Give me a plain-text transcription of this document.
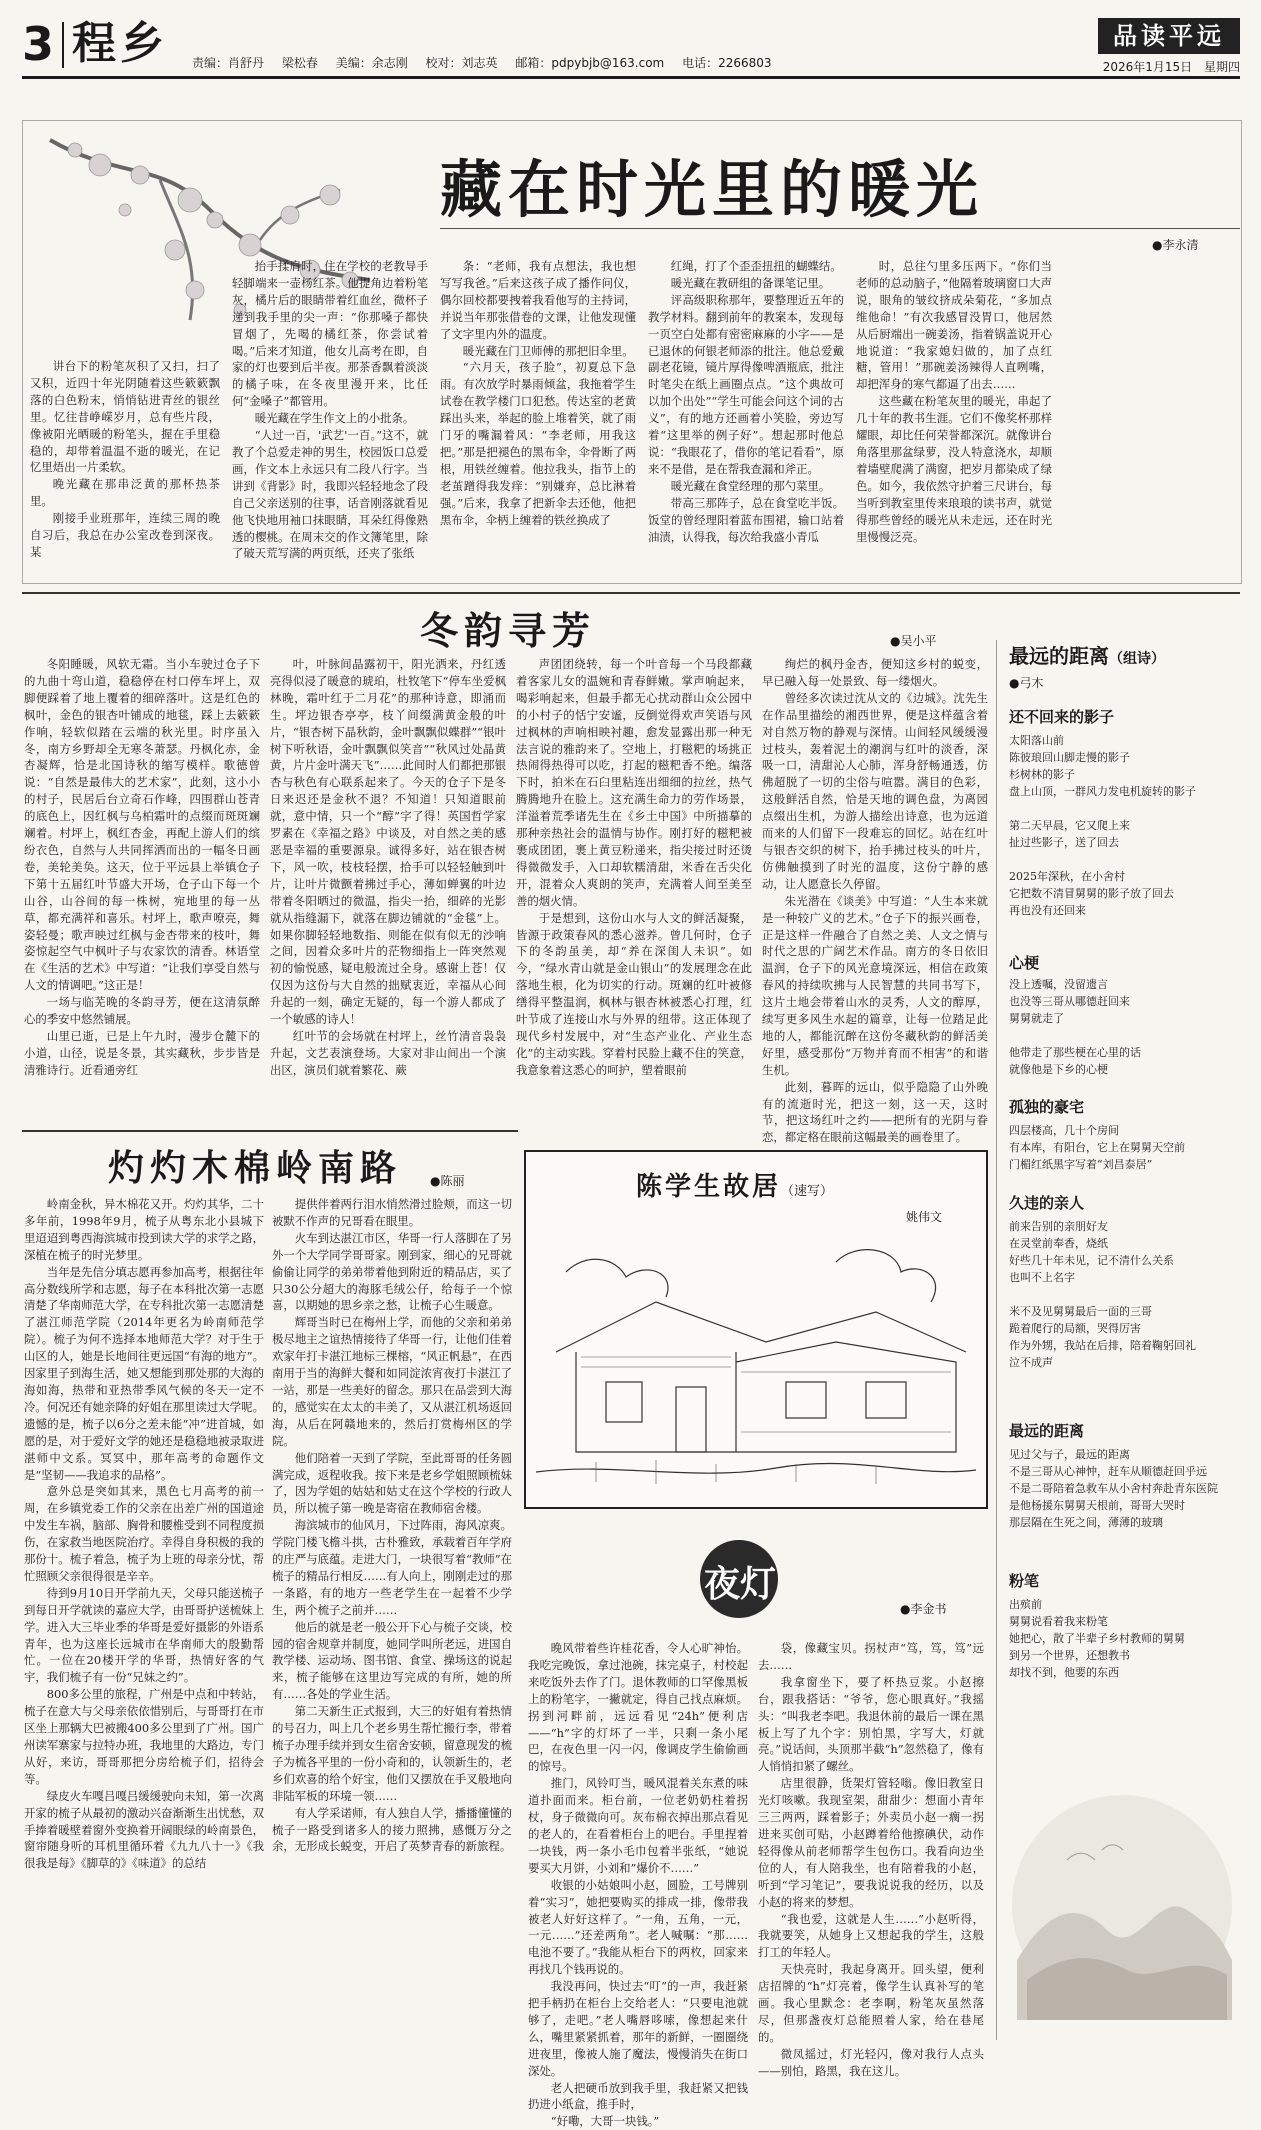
3 程乡 责编：肖舒丹 梁松春 美编：余志刚 校对：刘志英 邮箱：pdpybjb@163.com 电话：2266803
品读平远
2026年1月15日 星期四
藏在时光里的暖光
●李永清

讲台下的粉笔灰积了又扫，扫了又积，近四十年光阴随着这些簌簌飘落的白色粉末，悄悄钻进青丝的银丝里。忆往昔峥嵘岁月，总有些片段，像被阳光晒暖的粉笔头，握在手里稳稳的，却带着温温不逝的暖光，在记忆里焐出一片柔软。

晚光藏在那串泛黄的那杯热茶里。

刚接手业班那年，连续三周的晚自习后，我总在办公室改卷到深夜。某

抬手揉肩时，住在学校的老教导手轻脚端来一壶杨红茶。他提角边着粉笔灰，橘片后的眼睛带着红血丝，微杯子递到我手里的尖一声：“你那嗓子都快冒烟了，先喝的橘红茶，你尝试着喝。”后来才知道，他女儿高考在即，自家的灯也要到后半夜。那茶香飘着淡淡的橘子味，在冬夜里漫开来，比任何“金嗓子”都管用。

暖光藏在学生作文上的小批条。

“人过一百，'武艺'一百。”这不，就教了个总爱走神的男生，校园饭口总爱画，作文本上永远只有二段八行字。当讲到《背影》时，我即兴轻轻地念了段自己父亲送别的往事，话音刚落就看见他飞快地用袖口抹眼睛，耳朵红得像熟透的樱桃。在周末交的作文簿笔里，除了破天荒写满的两页纸，还夹了张纸

条：“老师，我有点想法，我也想写写我爸。”后来这孩子成了播作问仪，偶尔回校都要拽着我看他写的主持词，并说当年那张借卷的文课，让他发现懂了文字里内外的温度。

暖光藏在门卫师傅的那把旧伞里。

“六月天，孩子脸”，初夏总下急雨。有次放学时暴雨倾盆，我拖着学生试卷在教学楼门口犯愁。传达室的老黄踩出头来，举起的脸上堆着笑，就了雨门牙的嘴漏着风：“李老师，用我这把。”那是把褪色的黑布伞，伞骨断了两根，用铁丝缠着。他拉我头，指节上的老茧蹭得我发痒：“别嫌弃，总比淋着强。”后来，我拿了把新伞去还他，他把黑布伞，伞柄上缠着的铁丝换成了

红绳，打了个歪歪扭扭的蝴蝶结。

暖光藏在教研组的备课笔记里。

评高级职称那年，要整理近五年的教学材料。翻到前年的教案本，发现每一页空白处都有密密麻麻的小字——是已退休的何银老师添的批注。他总爱戴副老花镜，镜片厚得像啤酒瓶底，批注时笔尖在纸上画圈点点。“这个典故可以加个出处”“学生可能会问这个词的古义”，有的地方还画着小笑脸，旁边写着“这里举的例子好”。想起那时他总说：“我眼花了，借你的笔记看看”，原来不是借，是在帮我查漏和斧正。

暖光藏在食堂经理的那勺菜里。

带高三那阵子，总在食堂吃半饭。饭堂的曾经理阳着蓝布围裙，输口站着油渍，认得我，每次给我盛小青瓜

时，总往勺里多压两下。“你们当老师的总动脑子，”他隔着玻璃窗口大声说，眼角的皱纹挤成朵菊花，“多加点维他命！”有次我感冒没胃口，他居然从后厨端出一碗姜汤，指着锅盖说开心地说道：“我家媳妇做的，加了点红糖，管用！”那碗姜汤辣得人直咧嘴，却把浑身的寒气都逼了出去……

这些藏在粉笔灰里的暖光，串起了几十年的教书生涯。它们不像奖杯那样耀眼，却比任何荣誉都深沉。就像讲台角落里那盆绿萝，没人特意浇水，却顺着墙壁爬满了满窗，把岁月都染成了绿色。如今，我依然守护着三尺讲台，每当听到教室里传来琅琅的读书声，就觉得那些曾经的暖光从未走远，还在时光里慢慢泛亮。

冬韵寻芳	●吴小平

冬阳睡暖，风软无霜。当小车驶过仓子下的九曲十弯山道，稳稳停在村口停车坪上，双脚便踩着了地上覆着的细碎落叶。这是红色的枫叶，金色的银杏叶铺成的地毯，踩上去簌簌作响，轻软似踏在云端的秋光里。时序虽入冬，南方乡野却全无寒冬萧瑟。丹枫化赤，金杏凝辉，恰是北国诗秋的缩写模样。歌德曾说：“自然是最伟大的艺术家”，此刻，这小小的村子，民居后台立奇石作峰，四围群山苍青的底色上，因红枫与乌柏霜叶的点缀而斑斑斓斓着。村坪上，枫红杏金，再配上游人们的缤纷衣色，自然与人共同挥洒而出的一幅冬日画卷，美轮美奂。这天，位于平远县上举镇仓子下第十五届红叶节盛大开场，仓子山下每一个山谷，山谷间的每一株树，宛地里的每一丛草，都充满祥和喜乐。村坪上，歌声嘹亮，舞姿轻曼；歌声映过红枫与金杏带来的枝叶，舞姿惊起空气中枫叶子与农家饮的清香。林语堂在《生活的艺术》中写道：“让我们享受自然与人文的情调吧。”这正是！

一场与临芜晚的冬韵寻芳，便在这清氛醉心的季安中悠然铺展。

山里已逝，已是上午九时，漫步仓麓下的小道，山径，说是冬景，其实藏秋，步步皆是清雅诗行。近看通旁红

叶，叶脉间晶露初干，阳光洒来，丹红透亮得似浸了暖意的琥珀，杜牧笔下“停车坐爱枫林晚，霜叶红于二月花”的那种诗意，即涌而生。坪边银杏亭亭，枝丫间缀满黄金般的叶片，“银杏树下晶秋韵，金叶飘飘似蝶群”“银叶树下听秋语，金叶飘飘似笑音”“秋风过处晶黄黄，片片金叶满天飞”……此间时人们都把那银杏与秋色有心联系起来了。今天的仓子下是冬日来迟还是金秋不退？不知道！只知道眼前就，意中情，只一个“醇”字了得！英国哲学家罗素在《幸福之路》中谈及，对自然之美的感恶是幸福的重要源泉。诚得多好，站在银杏树下，风一吹，枝枝轻摆，拾手可以轻轻触到叶片，让叶片微颤着拂过手心，薄如蝉翼的叶边带着冬阳晒过的微温，指尖一抬，细碎的光影就从指缝漏下，就落在脚边铺就的“金毯”上。如果你脚轻轻地数指、则能在似有似无的沙响之间，因着众多叶片的茫物细指上一阵突然观初的愉悦感，疑电般流过全身。感谢上苍！仅仅因为这份与大自然的拙赋衷近，幸福从心间升起的一刻，确定无疑的，每一个游人都成了一个敏感的诗人！

红叶节的会场就在村坪上，丝竹清音袅袅升起，文艺表演登场。大家对非山间出一个演出区，演员们就着繁花、蕨

声团团绕转，每一个叶音每一个马段都藏着客家儿女的温婉和青春鲜嫩。掌声响起来，喝彩响起来，但最手都无心扰动群山众公园中的小村子的恬宁安谧，反倒觉得欢声笑语与风过枫林的声响相映衬趣，愈发显露出那一种无法言说的雅韵来了。空地上，打糍粑的场挑正热闹得热得可以吃，打起的糍粑香不绝。编落下时，拍米在石臼里粘连出细细的拉丝，热气腾腾地升在脸上。这充满生命力的劳作场景，洋溢着荒季诸先生在《乡土中国》中所描摹的那种亲热社会的温情与协作。刚打好的糍粑被裹成团团，裹上黄豆粉递来，指尖接过时还烫得微微发手，入口却软糯清甜，米香在舌尖化开，混着众人爽朗的笑声，充满着人间至美至善的烟火情。

于是想到，这份山水与人文的鲜活凝聚，皆源于政策春风的悉心滋养。曾几何时，仓子下的冬韵虽美，却“养在深闺人未识”。如今，“绿水青山就是金山银山”的发展理念在此落地生根，化为切实的行动。斑斓的红叶被修缮得平整温润，枫林与银杏林被悉心打理，红叶节成了连接山水与外界的纽带。这正体现了现代乡村发展中，对“生态产业化、产业生态化”的主动实践。穿着村民脸上藏不住的笑意，我意象着这悉心的呵护，塑着眼前

绚烂的枫丹金杏，便知这乡村的蜕变，早已融入每一处景致、每一缕烟火。

曾经多次读过沈从文的《边城》。沈先生在作品里描绘的湘西世界，便是这样蕴含着对自然万物的静观与深情。山间轻风缓缓漫过枝头，轰着泥土的潮润与红叶的淡香，深吸一口，清甜沁人心肺，浑身舒畅通透，仿佛超脱了一切的尘俗与喧嚣。满目的色彩，这般鲜活自然，恰是天地的调色盘，为离园点缀出生机，为游人描绘出诗意，也为远道而来的人们留下一段难忘的回忆。站在红叶与银杏交织的树下，抬手拂过枝头的叶片，仿佛触摸到了时光的温度，这份宁静的感动，让人愿意长久停留。

朱光潜在《谈美》中写道：“人生本来就是一种较广义的艺术。”仓子下的振兴画卷，正是这样一件融合了自然之美、人文之情与时代之思的广阔艺术作品。南方的冬日依旧温润，仓子下的风光意境深远，相信在政策春风的持续吹拂与人民智慧的共同书写下，这片土地会带着山水的灵秀，人文的醇厚，续写更多风生水起的篇章，让每一位踏足此地的人，都能沉醉在这份冬藏秋韵的鲜活美好里，感受那份“万物并育而不相害”的和谐生机。

此刻，暮晖的远山，似乎隐隐了山外晚有的流逝时光，把这一刻，这一天，这时节，把这场红叶之约——把所有的光阴与眷恋，都定格在眼前这幅最美的画卷里了。

最远的距离（组诗）
●弓木
还不回来的影子
太阳落山前
陈彼琅回山脚走慢的影子
杉树林的影子
盘上山顶，一群风力发电机旋转的影子

第二天早晨，它又爬上来
扯过些影子，送了回去

2025年深秋，在小舍村
它把数不清冒舅舅的影子放了回去
再也没有还回来
心梗
没上透嘱，没留遗言
也没等三哥从哪德赶回来
舅舅就走了

他带走了那些梗在心里的话
就像他是下乡的心梗
孤独的豪宅
四层楼高，几十个房间
有本库，有阳台，它上在舅舅天空前
门楣红纸黑字写着“刘昌泰居”
久违的亲人
前来告别的亲朋好友
在灵堂前奉香，烧纸
好些几十年未见，记不清什么关系
也叫不上名字

米不及见舅舅最后一面的三哥
跪着爬行的局额，哭得厉害
作为外甥，我站在后排，陪着鞠躬回礼
泣不成声
最远的距离
见过父与子，最远的距离
不是三哥从心神忡，赶车从顺德赶回乎远
不是二哥陪着急救车从小舍村奔赴青东医院
是他杨援东舅舅天根前，哥哥大哭时
那层隔在生死之间，薄薄的玻璃
粉笔
出殡前
舅舅说看着我来粉笔
她把心，散了半辈子乡村教师的舅舅
到另一个世界，还想教书
却找不到，他要的东西
灼灼木棉岭南路 ●陈丽

岭南金秋，异木棉花又开。灼灼其华，二十多年前，1998年9月，梳子从粤东北小县城下里迢迢到粤西海滨城市投到读大学的求学之路，深植在梳子的时光梦里。

当年是先信分填志愿再参加高考，根据往年高分数线所学和志愿，每子在本科批次第一志愿清楚了华南师范大学，在专科批次第一志愿清楚了湛江师范学院（2014年更名为岭南师范学院）。梳子为何不选择本地师范大学？对于生于山区的人，她是长地间往更远国“有海的地方”。因家里子到海生活，她又想能到那处那的大海的海如海，热带和亚热带季风气候的冬天一定不冷。何况还有她亲降的好姐在那里读过大学呢。遗憾的是，梳子以6分之差未能“冲”进首城，如愿的是，对于爱好文学的她还是稳稳地被录取进湛师中文系。冥冥中，那年高考的命题作文是“坚韧——我追求的品格”。

意外总是突如其来，黑色七月高考的前一周，在乡镇党委工作的父亲在出差广州的国道途中发生车祸，脑部、胸骨和腰椎受到不同程度损伤，在家救当地医院治疗。幸得自身积极的我的那份十。梳子着急，梳子为上班的母亲分忧，帮忙照顾父亲很得很是辛辛。

待到9月10日开学前九天，父母只能送梳子到每日开学就读的嘉应大学，由哥哥护送梳妹上学。进入大三毕业季的华哥是爱好摄影的外语系青年，也为这座长远城市在华南师大的殷勤帮忙。一位在20楼开学的华哥，热情好客的气宇，我们梳子有一份“兄妹之约”。

800多公里的旅程，广州是中点和中转站，梳子在意大与父母亲依依惜别后，与哥哥打在市区坐上那辆大巴被搬400多公里到了广州。国广州读军寨家与拉特办班，我地里的大路边，专门从好，来访，哥哥那把分房给梳子们，招待会等。

绿皮火车嘎吕嘎吕缓缓驶向未知，第一次离开家的梳子从最初的激动兴奋渐渐生出忧愁，双手捧着暖壁着窗外变换着开阔眼绿的岭南景色，窗帘随身听的耳机里循环着《九九八十一》《我很我是每》《脚草的》《味道》的总结

提供伴着两行泪水悄然滑过脸颊，而这一切被默不作声的兄哥看在眼里。

火车到达湛江市区，华哥一行人落脚在了另外一个大学同学哥哥家。刚到家，细心的兄哥就偷偷让同学的弟弟带着他到附近的精品店，买了只30公分超大的海豚毛绒公仔，给每子一个惊喜，以期她的思乡亲之愁，让梳子心生暖意。

辉哥当时已在梅州上学，而他的父亲和弟弟极尽地主之谊热情接待了华哥一行，让他们佳着欢家年打卡湛江地标三棵榕，“风正帆悬”，在西南用于当的海鲜大餐和如同淀浓宵夜打卡湛江了一站，那是一些美好的留念。那只在品尝到大海的，感觉实在太太的丰美了，又从湛江机场返回海，从后在阿赣地来的，然后打赏梅州区的学院。

他们陪着一天到了学院，至此哥哥的任务圆满完成，返程收我。按下来是老乡学姐照顾梳妹了，因为学姐的姑姑和姑丈在这个学校的行政人员，所以梳子第一晚是寄宿在教师宿舍楼。

海滨城市的仙风月，下过阵雨，海风凉爽。学院门楼飞檐斗拱，古朴雅致，承载着百年学府的庄严与底蕴。走进大门，一块很写着“教师”在梳子的精品行相反……有人向上，刚刚走过的那一条路，有的地方一些老学生在一起着不少学生，两个梳子之前并……

他后的就是老一般公开下心与梳子交谈，校园的宿舍规章并制度，她同学叫所老远，进国自教学楼、运动场、图书馆、食堂、操场这的说起来，梳子能够在这里边写完成的有所，她的所有……各处的学业生活。

第二天新生正式报到，大三的好姐有着热情的号召力，叫上几个老乡男生帮忙搬行李，带着梳子办理手续并到女生宿舍安顿，留意现发的梳子为梳各平里的一份小奇和的，认领新生的，老乡们欢喜的给个好宝，他们又摆放在手叉般地向非陆军板的环境一领……

有人学采诺师，有人独自人学，播播懂懂的梳子一路受到诸多人的接力照拂，感慨万分之余，无形成长蜕变，开启了英梦青春的新旅程。

陈学生故居（速写）
姚伟文
夜灯
●李金书

晚风带着些许桂花香，令人心旷神怡。我吃完晚饭，拿过池碗，抹完桌子，村校起来吃饭外去作了门。退休教师的口罕像黑板上的粉笔字，一撇就定，得自己找点麻烦。拐到河畔前，远远看见“24h”便利店——“h”字的灯坏了一半，只剩一条小尾巴，在夜色里一闪一闪，像调皮学生偷偷画的惊号。

推门，风铃叮当，暖风混着关东煮的味道扑面而来。柜台前，一位老奶奶柱着拐杖，身子微微向可。灰布棉衣掉出那点看见的老人的，在看着柜台上的吧台。手里捏着一块钱，两一条小毛巾包着半张纸，“她说要买大月饼，小刘和”爆价不……”

收银的小姑娘叫小赵，圆脸，工号牌别着“实习”，她把要购买的排成一排，像带我被老人好好这样了。“一角，五角，一元，一元……”还差两角”。老人喊嘱：“那……电池不要了。”我能从柜台下的两枚，回家来再找几个钱再说的。

我没再问，快过去“叮”的一声，我赶紧把手柄扔在柜台上交给老人：“只要电池就够了，走吧。”老人嘴唇哆嗦，像想起来什么，嘴里紧紧抓着，那年的新鲜，一圈圈绕进夜里，像被人施了魔法，慢慢消失在街口深处。

老人把硬币放到我手里，我赶紧又把钱扔进小纸盒，推手时，

“好嘞，大哥一块钱。”

袋，像藏宝贝。拐杖声“笃，笃，笃”远去……

我拿窗坐下，要了杯热豆浆。小赵擦台，跟我搭话：“爷爷，您心眼真好。”我摇头：“叫我老李吧。我退休前的最后一课在黑板上写了九个字：别怕黑，字写大，灯就亮。”说话间，头顶那半截“h”忽然稳了，像有人悄悄扣紧了螺丝。

店里很静，货架灯管轻嗡。像旧教室日光灯咳嗽。我现室架，甜甜少：想面小青年三三两两，踩着影子；外卖员小赵一瘸一拐进来买创可贴，小赵蹲着给他擦碘伏，动作轻得像从前老师帮学生包伤口。我看向边坐位的人，有人陪我坐，也有陪着我的小赵，听到“学习笔记”，要我说说我的经历，以及小赵的将来的梦想。

“我也爱，这就是人生……”小赵听得，我就要笑，从她身上又想起我的学生，这般打工的年轻人。

天快亮时，我起身离开。回头望，便利店招牌的“h”灯亮着，像学生认真补写的笔画。我心里默念：老李啊，粉笔灰虽然落尽，但那盏夜灯总能照着人家，给在巷尾的。

微凤摇过，灯光轻闪，像对我行人点头——别怕，路黑，我在这儿。
